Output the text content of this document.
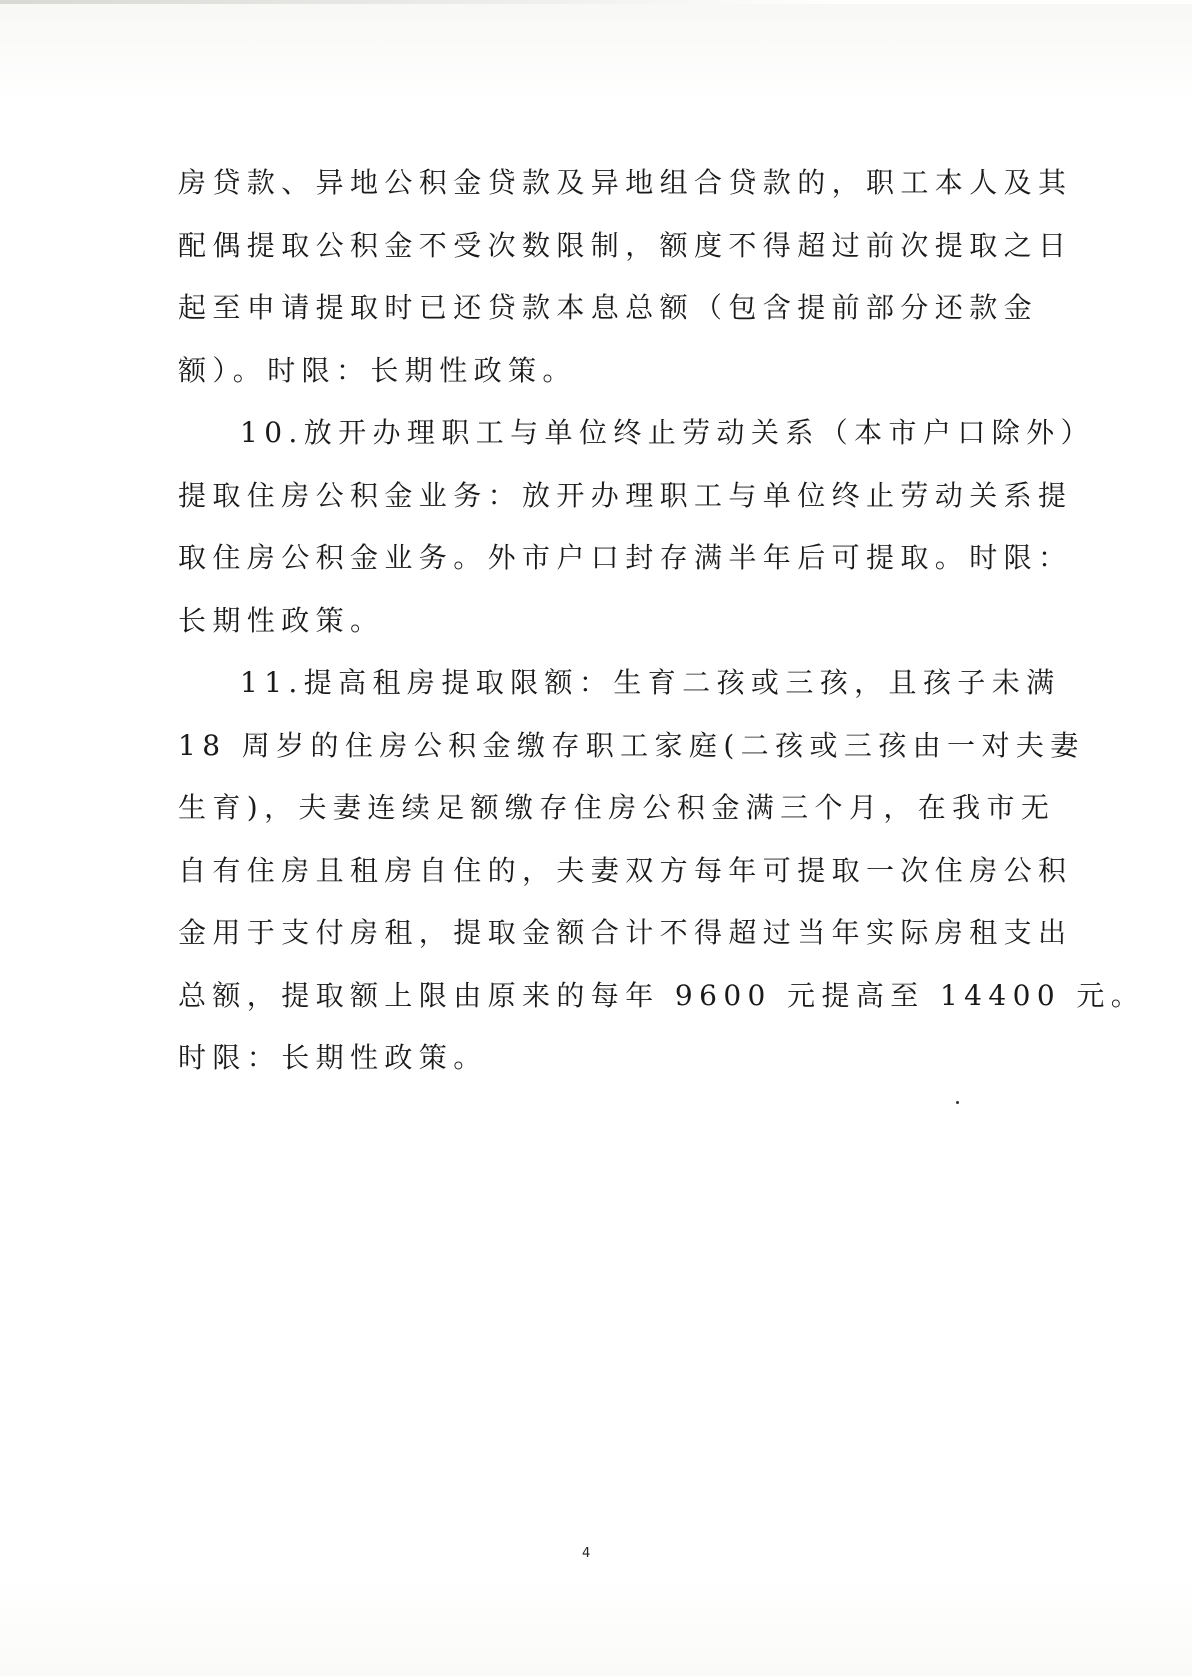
房贷款、异地公积金贷款及异地组合贷款的，职工本人及其
配偶提取公积金不受次数限制，额度不得超过前次提取之日
起至申请提取时已还贷款本息总额（包含提前部分还款金
额）。时限：长期性政策。
10.放开办理职工与单位终止劳动关系（本市户口除外）
提取住房公积金业务：放开办理职工与单位终止劳动关系提
取住房公积金业务。外市户口封存满半年后可提取。时限：
长期性政策。
11.提高租房提取限额：生育二孩或三孩，且孩子未满
18 周岁的住房公积金缴存职工家庭(二孩或三孩由一对夫妻
生育)，夫妻连续足额缴存住房公积金满三个月，在我市无
自有住房且租房自住的，夫妻双方每年可提取一次住房公积
金用于支付房租，提取金额合计不得超过当年实际房租支出
总额，提取额上限由原来的每年 9600 元提高至 14400 元。
时限：长期性政策。
4
